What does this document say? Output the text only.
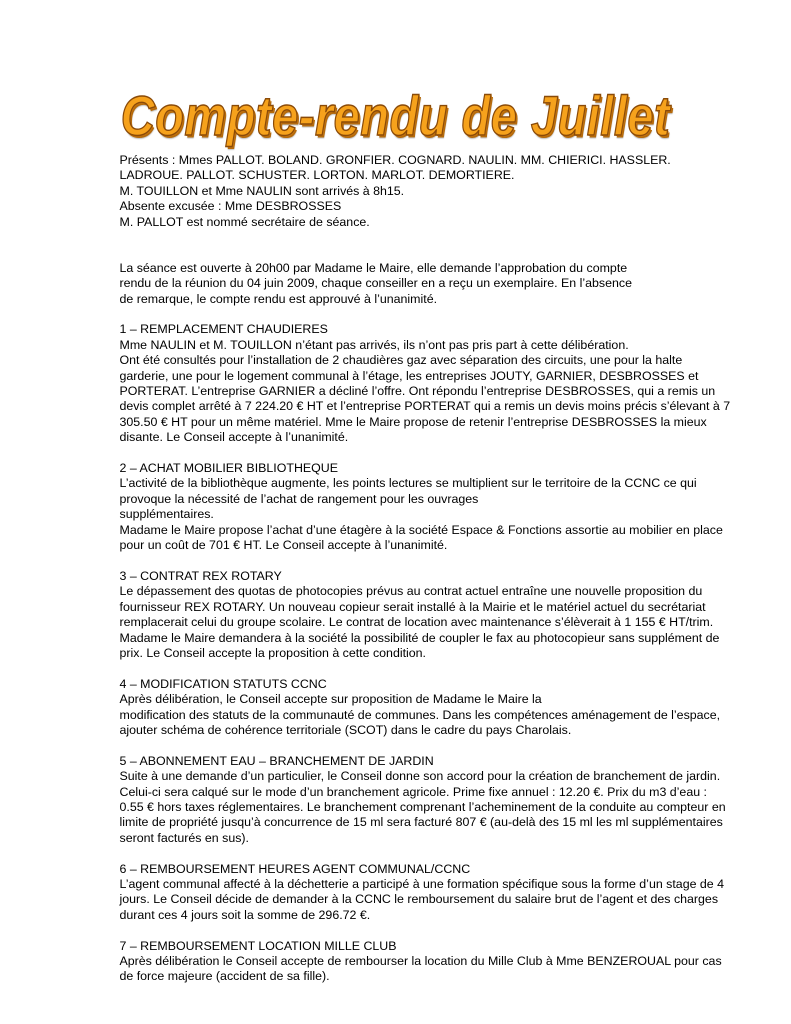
Compte-rendu de Juillet
Présents : Mmes PALLOT. BOLAND. GRONFIER. COGNARD. NAULIN. MM. CHIERICI. HASSLER.
LADROUE. PALLOT. SCHUSTER. LORTON. MARLOT. DEMORTIERE.
M. TOUILLON et Mme NAULIN sont arrivés à 8h15.
Absente excusée : Mme DESBROSSES
M. PALLOT est nommé secrétaire de séance.
La séance est ouverte à 20h00 par Madame le Maire, elle demande l’approbation du compte
rendu de la réunion du 04 juin 2009, chaque conseiller en a reçu un exemplaire. En l’absence
de remarque, le compte rendu est approuvé à l’unanimité.
1 – REMPLACEMENT CHAUDIERES
Mme NAULIN et M. TOUILLON n’étant pas arrivés, ils n’ont pas pris part à cette délibération.
Ont été consultés pour l’installation de 2 chaudières gaz avec séparation des circuits, une pour la halte
garderie, une pour le logement communal à l’étage, les entreprises JOUTY, GARNIER, DESBROSSES et
PORTERAT. L’entreprise GARNIER a décliné l’offre. Ont répondu l’entreprise DESBROSSES, qui a remis un
devis complet arrêté à 7 224.20 € HT et l’entreprise PORTERAT qui a remis un devis moins précis s’élevant à 7
305.50 € HT pour un même matériel. Mme le Maire propose de retenir l’entreprise DESBROSSES la mieux
disante. Le Conseil accepte à l’unanimité.
2 – ACHAT MOBILIER BIBLIOTHEQUE
L’activité de la bibliothèque augmente, les points lectures se multiplient sur le territoire de la CCNC ce qui
provoque la nécessité de l’achat de rangement pour les ouvrages
supplémentaires.
Madame le Maire propose l’achat d’une étagère à la société Espace & Fonctions assortie au mobilier en place
pour un coût de 701 € HT. Le Conseil accepte à l’unanimité.
3 – CONTRAT REX ROTARY
Le dépassement des quotas de photocopies prévus au contrat actuel entraîne une nouvelle proposition du
fournisseur REX ROTARY. Un nouveau copieur serait installé à la Mairie et le matériel actuel du secrétariat
remplacerait celui du groupe scolaire. Le contrat de location avec maintenance s’élèverait à 1 155 € HT/trim.
Madame le Maire demandera à la société la possibilité de coupler le fax au photocopieur sans supplément de
prix. Le Conseil accepte la proposition à cette condition.
4 – MODIFICATION STATUTS CCNC
Après délibération, le Conseil accepte sur proposition de Madame le Maire la
modification des statuts de la communauté de communes. Dans les compétences aménagement de l’espace,
ajouter schéma de cohérence territoriale (SCOT) dans le cadre du pays Charolais.
5 – ABONNEMENT EAU – BRANCHEMENT DE JARDIN
Suite à une demande d’un particulier, le Conseil donne son accord pour la création de branchement de jardin.
Celui-ci sera calqué sur le mode d’un branchement agricole. Prime fixe annuel : 12.20 €. Prix du m3 d’eau :
0.55 € hors taxes réglementaires. Le branchement comprenant l’acheminement de la conduite au compteur en
limite de propriété jusqu’à concurrence de 15 ml sera facturé 807 € (au-delà des 15 ml les ml supplémentaires
seront facturés en sus).
6 – REMBOURSEMENT HEURES AGENT COMMUNAL/CCNC
L’agent communal affecté à la déchetterie a participé à une formation spécifique sous la forme d’un stage de 4
jours. Le Conseil décide de demander à la CCNC le remboursement du salaire brut de l’agent et des charges
durant ces 4 jours soit la somme de 296.72 €.
7 – REMBOURSEMENT LOCATION MILLE CLUB
Après délibération le Conseil accepte de rembourser la location du Mille Club à Mme BENZEROUAL pour cas
de force majeure (accident de sa fille).
